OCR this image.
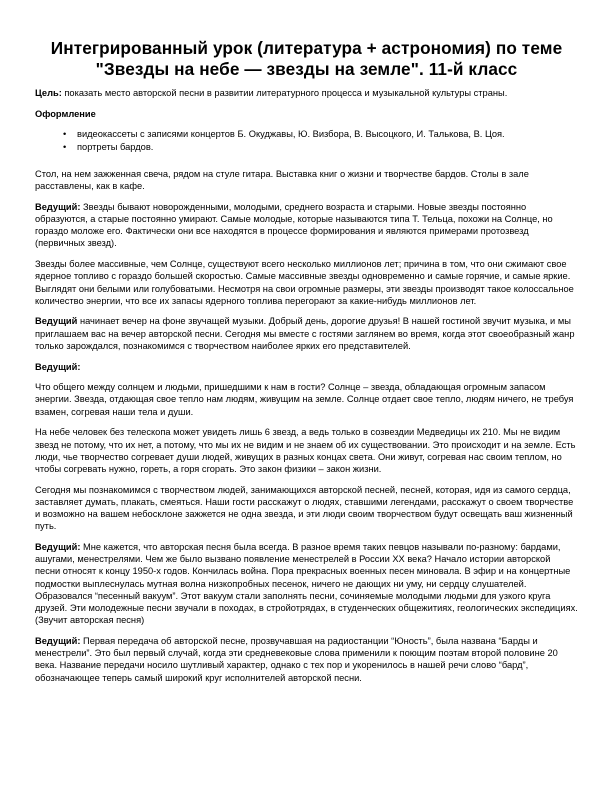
Интегрированный урок (литература + астрономия) по теме "Звезды на небе — звезды на земле". 11-й класс

Цель: показать место авторской песни в развитии литературного процесса и музыкальной культуры страны.

Оформление
• видеокассеты с записями концертов Б. Окуджавы, Ю. Визбора, В. Высоцкого, И. Талькова, В. Цоя.
• портреты бардов.

Стол, на нем зажженная свеча, рядом на стуле гитара. Выставка книг о жизни и творчестве бардов. Столы в зале расставлены, как в кафе.

Ведущий: Звезды бывают новорожденными, молодыми, среднего возраста и старыми. Новые звезды постоянно образуются, а старые постоянно умирают. Самые молодые, которые называются типа Т. Тельца, похожи на Солнце, но гораздо моложе его. Фактически они все находятся в процессе формирования и являются примерами протозвезд (первичных звезд).

Звезды более массивные, чем Солнце, существуют всего несколько миллионов лет; причина в том, что они сжимают свое ядерное топливо с гораздо большей скоростью. Самые массивные звезды одновременно и самые горячие, и самые яркие. Выглядят они белыми или голубоватыми. Несмотря на свои огромные размеры, эти звезды производят такое колоссальное количество энергии, что все их запасы ядерного топлива перегорают за какие-нибудь миллионов лет.

Ведущий начинает вечер на фоне звучащей музыки. Добрый день, дорогие друзья! В нашей гостиной звучит музыка, и мы приглашаем вас на вечер авторской песни. Сегодня мы вместе с гостями заглянем во время, когда этот своеобразный жанр только зарождался, познакомимся с творчеством наиболее ярких его представителей.

Ведущий:

Что общего между солнцем и людьми, пришедшими к нам в гости? Солнце – звезда, обладающая огромным запасом энергии. Звезда, отдающая свое тепло нам людям, живущим на земле. Солнце отдает свое тепло, людям ничего, не требуя взамен, согревая наши тела и души.

На небе человек без телескопа может увидеть лишь 6 звезд, а ведь только в созвездии Медведицы их 210. Мы не видим звезд не потому, что их нет, а потому, что мы их не видим и не знаем об их существовании. Это происходит и на земле. Есть люди, чье творчество согревает души людей, живущих в разных концах света. Они живут, согревая нас своим теплом, но чтобы согревать нужно, гореть, а горя сгорать. Это закон физики – закон жизни.

Сегодня мы познакомимся с творчеством людей, занимающихся авторской песней, песней, которая, идя из самого сердца, заставляет думать, плакать, смеяться. Наши гости расскажут о людях, ставшими легендами, расскажут о своем творчестве и возможно на вашем небосклоне зажжется не одна звезда, и эти люди своим творчеством будут освещать ваш жизненный путь.

Ведущий: Мне кажется, что авторская песня была всегда. В разное время таких певцов называли по-разному: бардами, ашугами, менестрелями. Чем же было вызвано появление менестрелей в России XX века? Начало истории авторской песни относят к концу 1950-х годов. Кончилась война. Пора прекрасных военных песен миновала. В эфир и на концертные подмостки выплеснулась мутная волна низкопробных песенок, ничего не дающих ни уму, ни сердцу слушателей. Образовался “песенный вакуум”. Этот вакуум стали заполнять песни, сочиняемые молодыми людьми для узкого круга друзей. Эти молодежные песни звучали в походах, в стройотрядах, в студенческих общежитиях, геологических экспедициях. (Звучит авторская песня)

Ведущий: Первая передача об авторской песне, прозвучавшая на радиостанции “Юность”, была названа “Барды и менестрели”. Это был первый случай, когда эти средневековые слова применили к поющим поэтам второй половине 20 века. Название передачи носило шутливый характер, однако с тех пор и укоренилось в нашей речи слово “бард”, обозначающее теперь самый широкий круг исполнителей авторской песни.
